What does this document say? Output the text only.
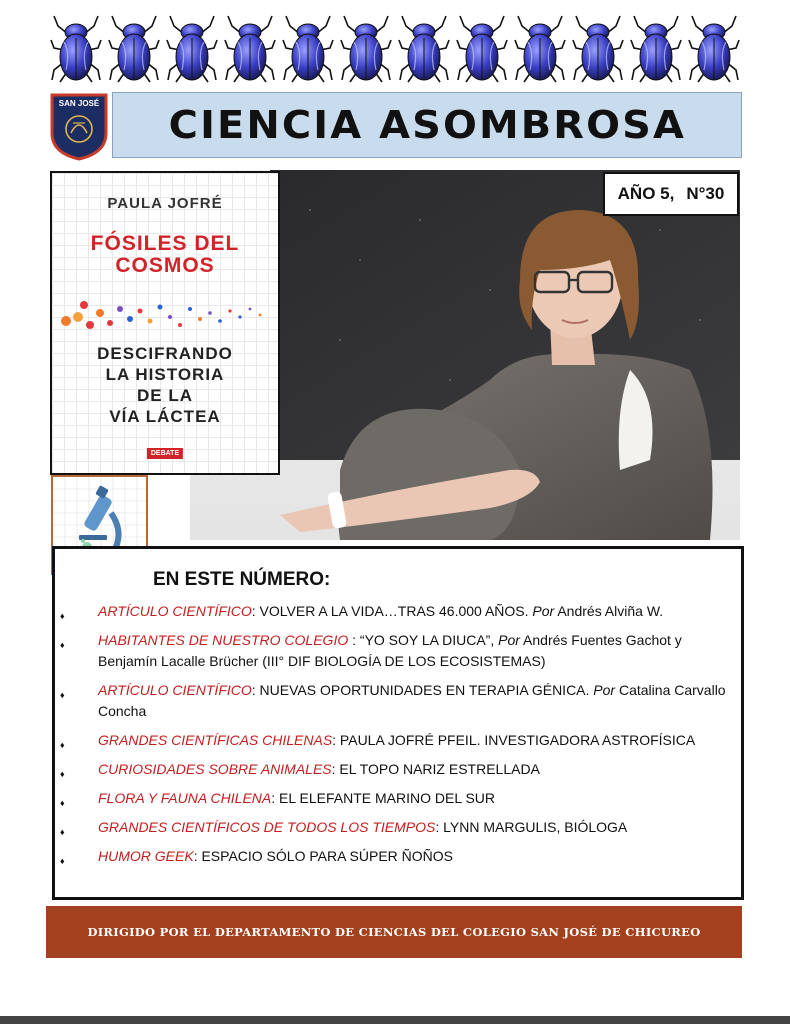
SAN JOSÉ CIENCIA ASOMBROSA
AÑO 5, N°30
PAULA JOFRÉ
FÓSILES DEL
COSMOS
DESCIFRANDO
LA HISTORIA
DE LA
VÍA LÁCTEA
DEBATE
EN ESTE NÚMERO:
♦ ARTÍCULO CIENTÍFICO: VOLVER A LA VIDA…TRAS 46.000 AÑOS. Por Andrés Alviña W.
♦ HABITANTES DE NUESTRO COLEGIO : “YO SOY LA DIUCA”, Por Andrés Fuentes Gachot y Benjamín Lacalle Brücher (III° DIF BIOLOGÍA DE LOS ECOSISTEMAS)
♦ ARTÍCULO CIENTÍFICO: NUEVAS OPORTUNIDADES EN TERAPIA GÉNICA. Por Catalina Carvallo Concha
♦ GRANDES CIENTÍFICAS CHILENAS: PAULA JOFRÉ PFEIL. INVESTIGADORA ASTROFÍSICA
♦ CURIOSIDADES SOBRE ANIMALES: EL TOPO NARIZ ESTRELLADA
♦ FLORA Y FAUNA CHILENA: EL ELEFANTE MARINO DEL SUR
♦ GRANDES CIENTÍFICOS DE TODOS LOS TIEMPOS: LYNN MARGULIS, BIÓLOGA
♦ HUMOR GEEK: ESPACIO SÓLO PARA SÚPER ÑOÑOS
DIRIGIDO POR EL DEPARTAMENTO DE CIENCIAS DEL COLEGIO SAN JOSÉ DE CHICUREO
